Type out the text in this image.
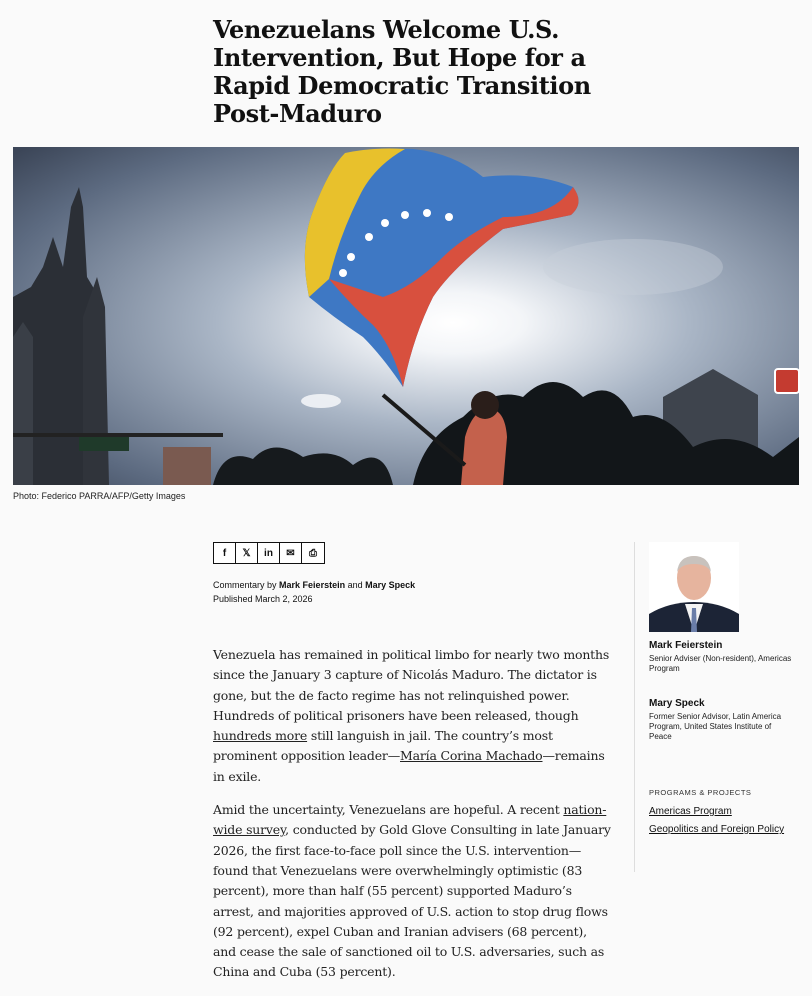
Venezuelans Welcome U.S. Intervention, But Hope for a Rapid Democratic Transition Post-Maduro
Photo: Federico PARRA/AFP/Getty Images
f 𝕏 in ✉ ⎙
Commentary by Mark Feierstein and Mary Speck
Published March 2, 2026

Venezuela has remained in political limbo for nearly two months since the January 3 capture of Nicolás Maduro. The dictator is gone, but the de facto regime has not relinquished power. Hundreds of political prisoners have been released, though hundreds more still languish in jail. The country’s most prominent opposition leader—María Corina Machado—remains in exile.

Amid the uncertainty, Venezuelans are hopeful. A recent nation-wide survey, conducted by Gold Glove Consulting in late January 2026, the first face-to-face poll since the U.S. intervention—found that Venezuelans were overwhelmingly optimistic (83 percent), more than half (55 percent) supported Maduro’s arrest, and majorities approved of U.S. action to stop drug flows (92 percent), expel Cuban and Iranian advisers (68 percent), and cease the sale of sanctioned oil to U.S. adversaries, such as China and Cuba (53 percent).

Mark Feierstein
Senior Adviser (Non-resident), Americas Program
Mary Speck
Former Senior Advisor, Latin America Program, United States Institute of Peace
PROGRAMS & PROJECTS
Americas Program
Geopolitics and Foreign Policy
